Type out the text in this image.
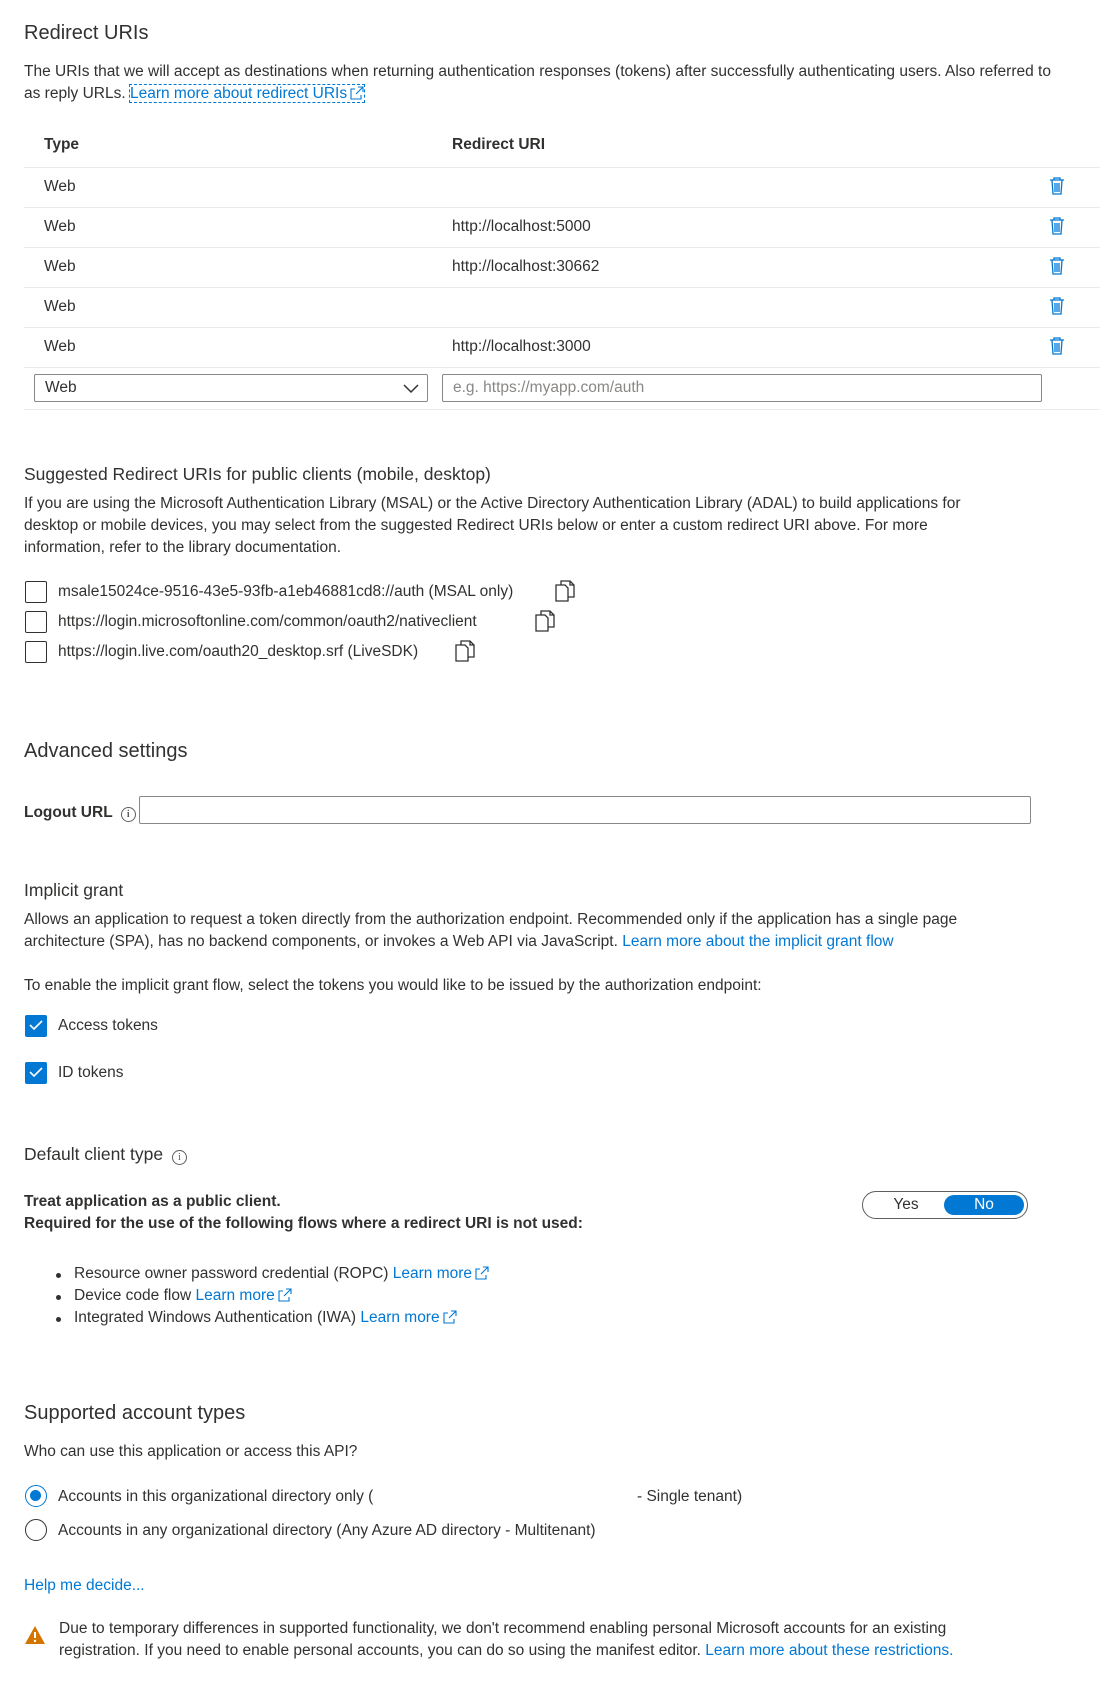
Redirect URIs
The URIs that we will accept as destinations when returning authentication responses (tokens) after successfully authenticating users. Also referred to
as reply URLs. Learn more about redirect URIs
Type	Redirect URI
Web
Web	http://localhost:5000
Web	http://localhost:30662
Web
Web	http://localhost:3000
Web
e.g. https://myapp.com/auth
Suggested Redirect URIs for public clients (mobile, desktop)
If you are using the Microsoft Authentication Library (MSAL) or the Active Directory Authentication Library (ADAL) to build applications for
desktop or mobile devices, you may select from the suggested Redirect URIs below or enter a custom redirect URI above. For more
information, refer to the library documentation.
msale15024ce-9516-43e5-93fb-a1eb46881cd8://auth (MSAL only)
https://login.microsoftonline.com/common/oauth2/nativeclient
https://login.live.com/oauth20_desktop.srf (LiveSDK)
Advanced settings
Logout URL i
Implicit grant
Allows an application to request a token directly from the authorization endpoint. Recommended only if the application has a single page
architecture (SPA), has no backend components, or invokes a Web API via JavaScript. Learn more about the implicit grant flow
To enable the implicit grant flow, select the tokens you would like to be issued by the authorization endpoint:
Access tokens
ID tokens
Default client type i
Treat application as a public client.
Required for the use of the following flows where a redirect URI is not used:
Yes	No
Resource owner password credential (ROPC) Learn more
Device code flow Learn more
Integrated Windows Authentication (IWA) Learn more
Supported account types
Who can use this application or access this API?
Accounts in this organizational directory only (	- Single tenant)
Accounts in any organizational directory (Any Azure AD directory - Multitenant)
Help me decide...
Due to temporary differences in supported functionality, we don't recommend enabling personal Microsoft accounts for an existing
registration. If you need to enable personal accounts, you can do so using the manifest editor. Learn more about these restrictions.
